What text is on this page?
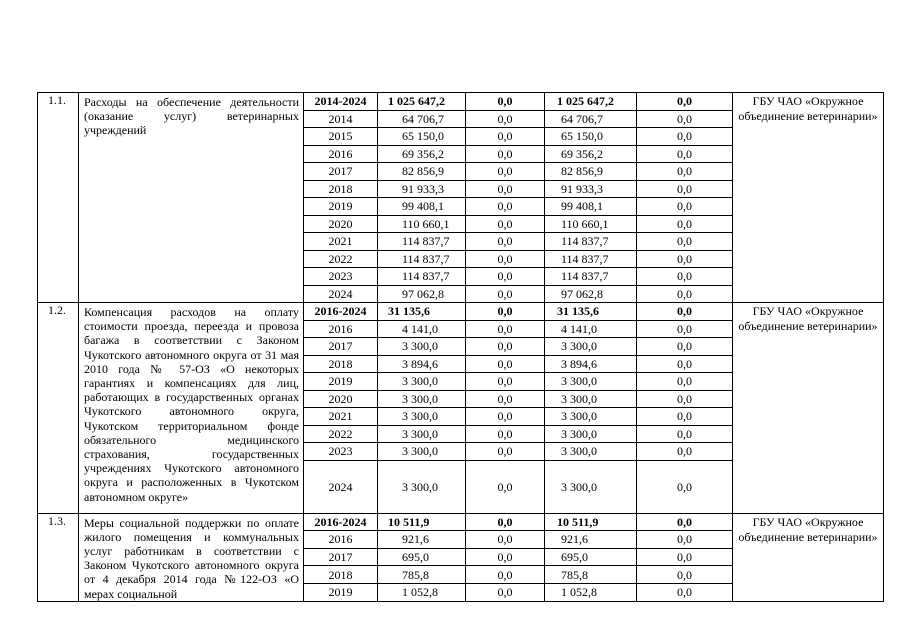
1.1.	Расходы на обеспечение деятельности (оказание услуг) ветеринарных учреждений	2014-2024	1 025 647,2	0,0	1 025 647,2	0,0	ГБУ ЧАО «Окружное объединение ветеринарии»
		2014	64 706,7	0,0	64 706,7	0,0	
		2015	65 150,0	0,0	65 150,0	0,0	
		2016	69 356,2	0,0	69 356,2	0,0	
		2017	82 856,9	0,0	82 856,9	0,0	
		2018	91 933,3	0,0	91 933,3	0,0	
		2019	99 408,1	0,0	99 408,1	0,0	
		2020	110 660,1	0,0	110 660,1	0,0	
		2021	114 837,7	0,0	114 837,7	0,0	
		2022	114 837,7	0,0	114 837,7	0,0	
		2023	114 837,7	0,0	114 837,7	0,0	
		2024	97 062,8	0,0	97 062,8	0,0	
1.2.	Компенсация расходов на оплату стоимости проезда, переезда и провоза багажа в соответствии с Законом Чукотского автономного округа от 31 мая 2010 года № 57-ОЗ «О некоторых гарантиях и компенсациях для лиц, работающих в государственных органах Чукотского автономного округа, Чукотском территориальном фонде обязательного медицинского страхования, государственных учреждениях Чукотского автономного округа и расположенных в Чукотском автономном округе»	2016-2024	31 135,6	0,0	31 135,6	0,0	ГБУ ЧАО «Окружное объединение ветеринарии»
		2016	4 141,0	0,0	4 141,0	0,0	
		2017	3 300,0	0,0	3 300,0	0,0	
		2018	3 894,6	0,0	3 894,6	0,0	
		2019	3 300,0	0,0	3 300,0	0,0	
		2020	3 300,0	0,0	3 300,0	0,0	
		2021	3 300,0	0,0	3 300,0	0,0	
		2022	3 300,0	0,0	3 300,0	0,0	
		2023	3 300,0	0,0	3 300,0	0,0	
		2024	3 300,0	0,0	3 300,0	0,0	
1.3.	Меры социальной поддержки по оплате жилого помещения и коммунальных услуг работникам в соответствии с Законом Чукотского автономного округа от 4 декабря 2014 года №122-ОЗ «О мерах социальной	2016-2024	10 511,9	0,0	10 511,9	0,0	ГБУ ЧАО «Окружное объединение ветеринарии»
		2016	921,6	0,0	921,6	0,0	
		2017	695,0	0,0	695,0	0,0	
		2018	785,8	0,0	785,8	0,0	
		2019	1 052,8	0,0	1 052,8	0,0	
